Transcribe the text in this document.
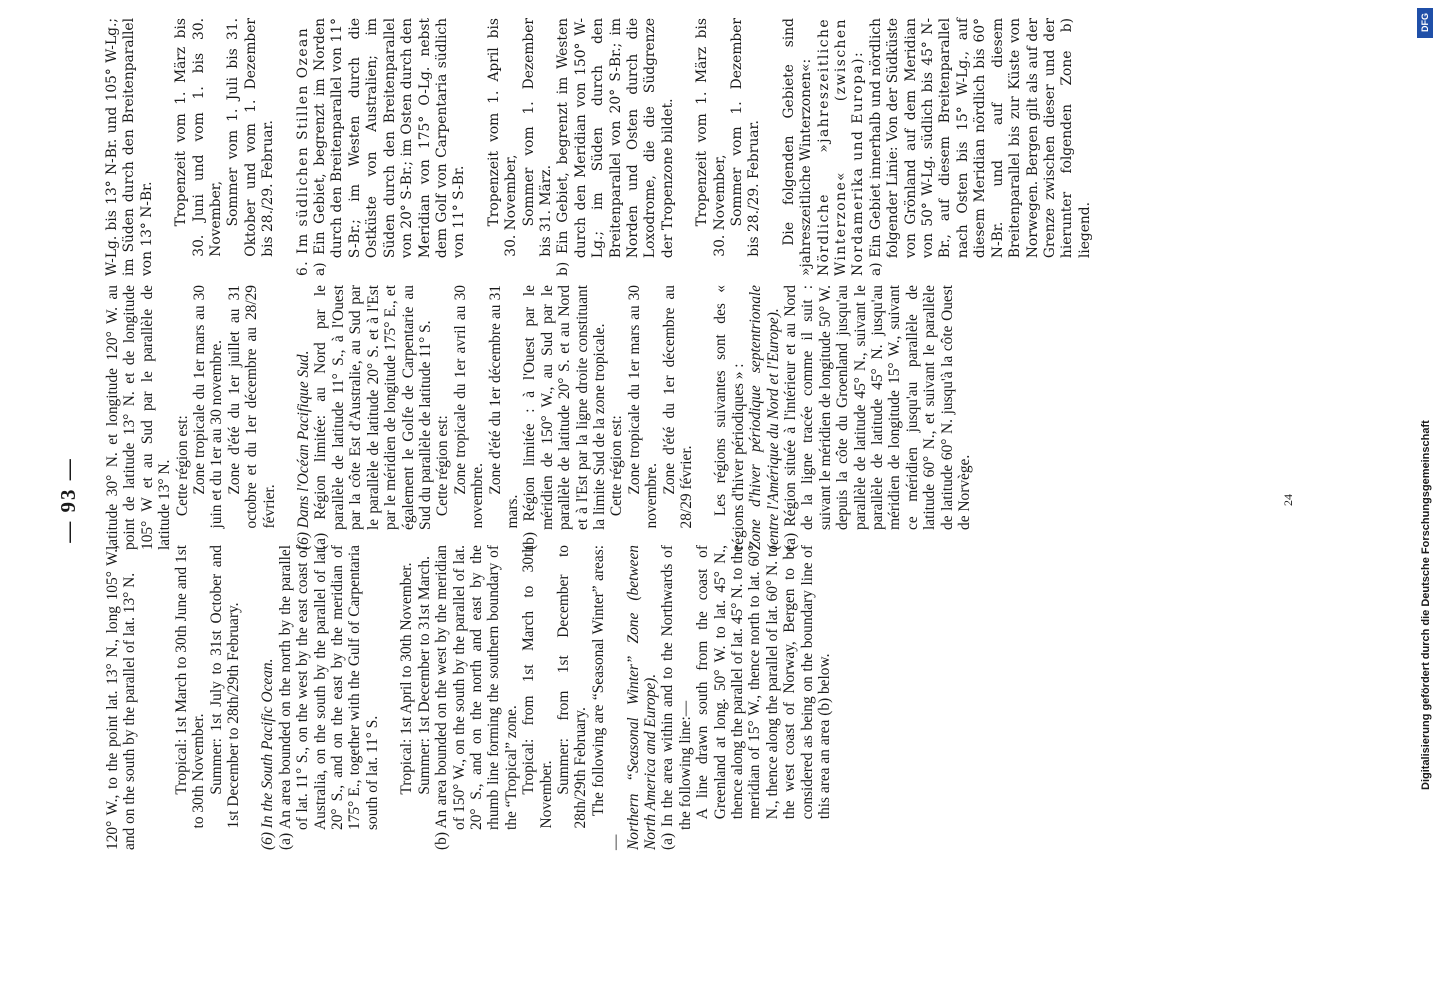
— 93 —

120° W., to the point lat. 13° N., long 105° W., and on the south by the parallel of lat. 13° N. Tropical: 1st March to 30th June and 1st to 30th November. Summer: 1st July to 31st October and 1st December to 28th/29th February. (6) In the South Pacific Ocean. (a) An area bounded on the north by the parallel of lat. 11° S., on the west by the east coast of Australia, on the south by the parallel of lat. 20° S., and on the east by the meridian of 175° E., together with the Gulf of Carpentaria south of lat. 11° S. Tropical: 1st April to 30th November. Summer: 1st December to 31st March. (b) An area bounded on the west by the meridian of 150° W., on the south by the parallel of lat. 20° S., and on the north and east by the rhumb line forming the southern boundary of the “Tropical” zone. Tropical: from 1st March to 30th November. Summer: from 1st December to 28th/29th February. The following are “Seasonal Winter” areas:— Northern “Seasonal Winter” Zone (between North America and Europe). (a) In the area within and to the Northwards of the following line:— A line drawn south from the coast of Greenland at long. 50° W. to lat. 45° N., thence along the parallel of lat. 45° N. to the meridian of 15° W., thence north to lat. 60° N., thence along the parallel of lat. 60° N. to the west coast of Norway, Bergen to be considered as being on the boundary line of this area an area (b) below.

latitude 30° N. et longitude 120° W. au point de latitude 13° N. et de longitude 105° W et au Sud par le parallèle de latitude 13° N. Cette région est: Zone tropicale du 1er mars au 30 juin et du 1er au 30 novembre. Zone d'été du 1er juillet au 31 octobre et du 1er décembre au 28/29 février. (6) Dans l'Océan Pacifique Sud. (a) Région limitée: au Nord par le parallèle de latitude 11° S., à l'Ouest par la côte Est d'Australie, au Sud par le parallèle de latitude 20° S. et à l'Est par le méridien de longitude 175° E., et également le Golfe de Carpentarie au Sud du parallèle de latitude 11° S. Cette région est: Zone tropicale du 1er avril au 30 novembre.

Zone d'été du 1er décembre au 31 mars. (b) Région limitée : à l'Ouest par le méridien de 150° W., au Sud par le parallèle de latitude 20° S. et au Nord et à l'Est par la ligne droite constituant la limite Sud de la zone tropicale. Cette région est: Zone tropicale du 1er mars au 30 novembre.

Zone d'été du 1er décembre au 28/29 février. Les régions suivantes sont des « régions d'hiver périodiques » : Zone d'hiver périodique septentrionale (entre l'Amérique du Nord et l'Europe). (a) Région située à l'intérieur et au Nord de la ligne tracée comme il suit : suivant le méridien de longitude 50° W. depuis la côte du Groenland jusqu'au parallèle de latitude 45° N., suivant le parallèle de latitude 45° N. jusqu'au méridien de longitude 15° W., suivant ce méridien jusqu'au parallèle de latitude 60° N., et suivant le parallèle de latitude 60° N. jusqu'à la côte Ouest de Norvège.

W-Lg. bis 13° N-Br. und 105° W-Lg.; im Süden durch den Breitenparallel von 13° N-Br.

Tropenzeit vom 1. März bis 30. Juni und vom 1. bis 30. November, Sommer vom 1. Juli bis 31. Oktober und vom 1. Dezember bis 28./29. Februar. 6. Im südlichen Stillen Ozean a) Ein Gebiet, begrenzt im Norden durch den Breitenparallel von 11° S-Br.; im Westen durch die Ostküste von Australien; im Süden durch den Breitenparallel von 20° S-Br.; im Osten durch den Meridian von 175° O-Lg. nebst dem Golf von Carpentaria südlich von 11° S-Br. Tropenzeit vom 1. April bis 30. November, Sommer vom 1. Dezember bis 31. März. b) Ein Gebiet, begrenzt im Westen durch den Meridian von 150° W-Lg.; im Süden durch den Breitenparallel von 20° S-Br.; im Norden und Osten durch die Loxodrome, die die Südgrenze der Tropenzone bildet. Tropenzeit vom 1. März bis 30. November, Sommer vom 1. Dezember bis 28./29. Februar. Die folgenden Gebiete sind »jahreszeitliche Winterzonen«: Nördliche »jahreszeitliche Winterzone« (zwischen Nordamerika und Europa): a) Ein Gebiet innerhalb und nördlich folgender Linie: Von der Südküste von Grönland auf dem Meridian von 50° W-Lg. südlich bis 45° N-Br., auf diesem Breitenparallel nach Osten bis 15° W-Lg., auf diesem Meridian nördlich bis 60° N-Br. und auf diesem Breitenparallel bis zur Küste von Norwegen. Bergen gilt als auf der Grenze zwischen dieser und der hierunter folgenden Zone b) liegend.

24
DFG
Digitalisierung gefördert durch die Deutsche Forschungsgemeinschaft
